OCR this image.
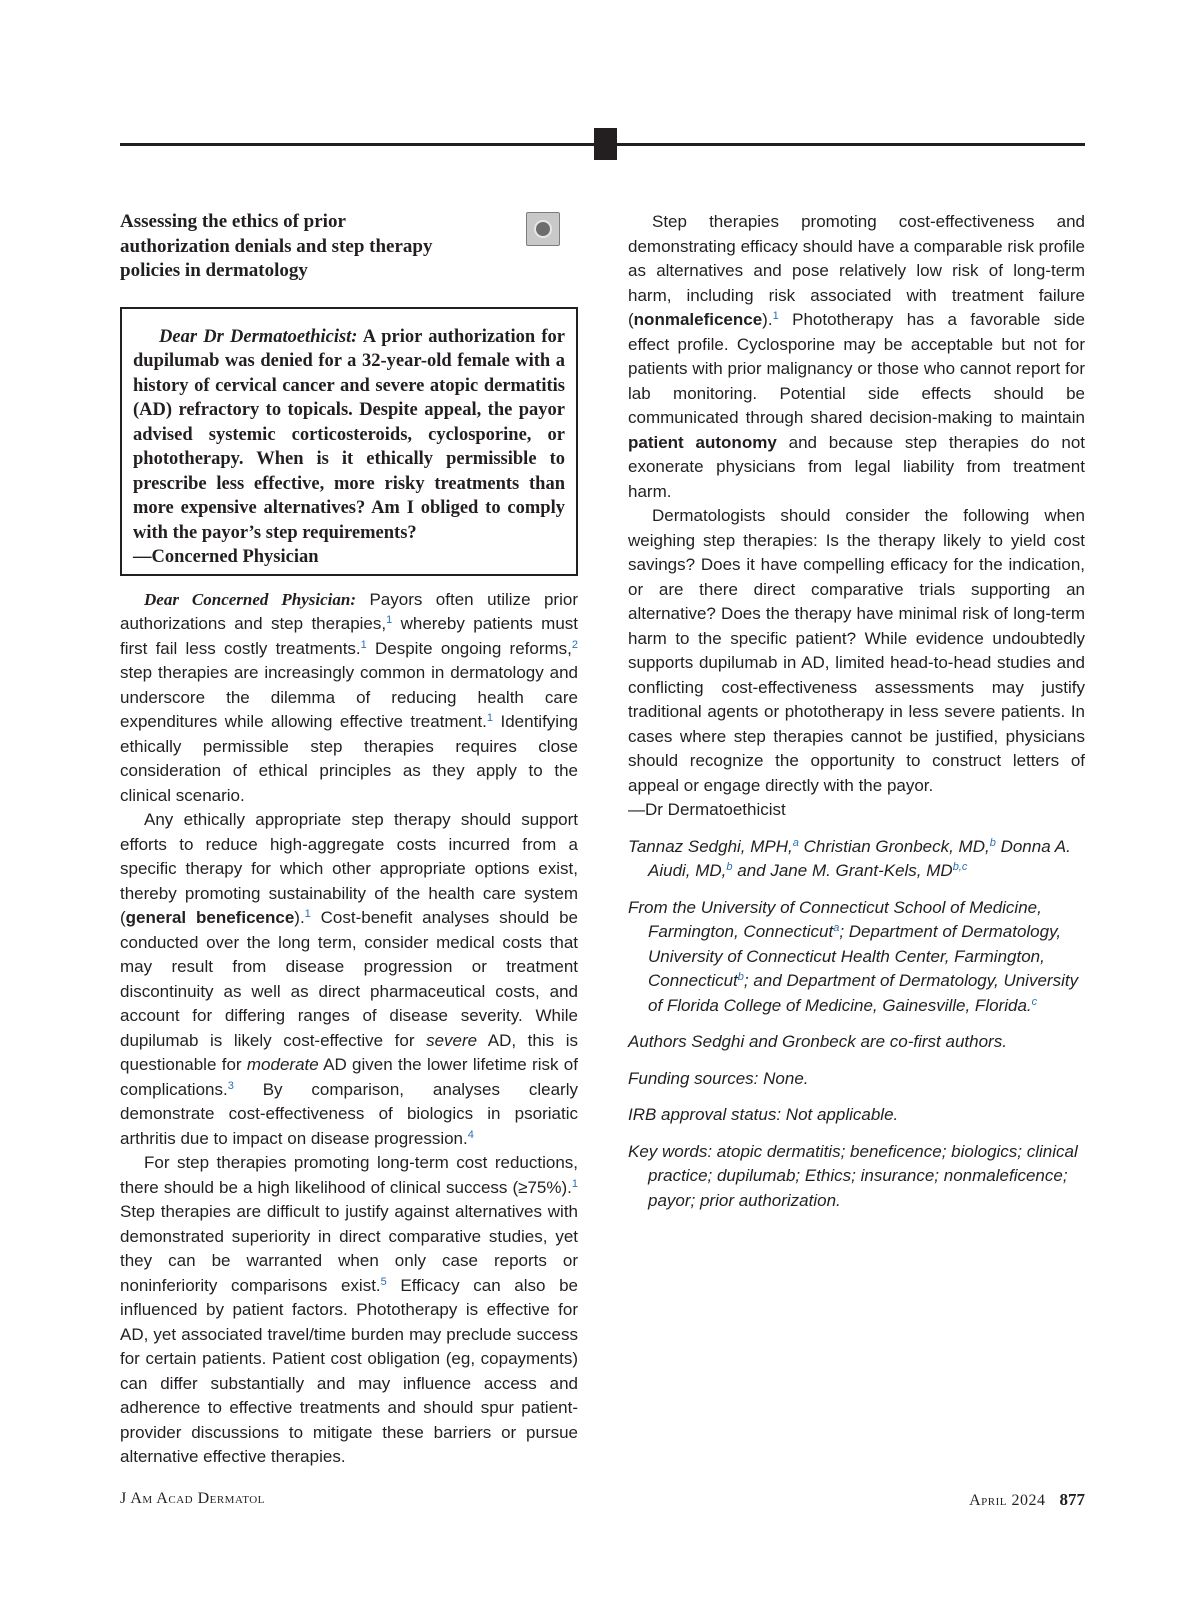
Assessing the ethics of prior authorization denials and step therapy policies in dermatology

Dear Dr Dermatoethicist: A prior authorization for dupilumab was denied for a 32-year-old female with a history of cervical cancer and severe atopic dermatitis (AD) refractory to topicals. Despite appeal, the payor advised systemic corticosteroids, cyclosporine, or phototherapy. When is it ethically permissible to prescribe less effective, more risky treatments than more expensive alternatives? Am I obliged to comply with the payor’s step requirements?

—Concerned Physician

Dear Concerned Physician: Payors often utilize prior authorizations and step therapies,$^1$ whereby patients must first fail less costly treatments.$^1$ Despite ongoing reforms,$^2$ step therapies are increasingly common in dermatology and underscore the dilemma of reducing health care expenditures while allowing effective treatment.$^1$ Identifying ethically permissible step therapies requires close consideration of ethical principles as they apply to the clinical scenario.

Any ethically appropriate step therapy should support efforts to reduce high-aggregate costs incurred from a specific therapy for which other appropriate options exist, thereby promoting sustainability of the health care system (general beneficence).$^1$ Cost-benefit analyses should be conducted over the long term, consider medical costs that may result from disease progression or treatment discontinuity as well as direct pharmaceutical costs, and account for differing ranges of disease severity. While dupilumab is likely cost-effective for severe AD, this is questionable for moderate AD given the lower lifetime risk of complications.$^3$ By comparison, analyses clearly demonstrate cost-effectiveness of biologics in psoriatic arthritis due to impact on disease progression.$^4$

For step therapies promoting long-term cost reductions, there should be a high likelihood of clinical success (≥75%).$^1$ Step therapies are difficult to justify against alternatives with demonstrated superiority in direct comparative studies, yet they can be warranted when only case reports or noninferiority comparisons exist.$^5$ Efficacy can also be influenced by patient factors. Phototherapy is effective for AD, yet associated travel/time burden may preclude success for certain patients. Patient cost obligation (eg, copayments) can differ substantially and may influence access and adherence to effective treatments and should spur patient-provider discussions to mitigate these barriers or pursue alternative effective therapies.

Step therapies promoting cost-effectiveness and demonstrating efficacy should have a comparable risk profile as alternatives and pose relatively low risk of long-term harm, including risk associated with treatment failure (nonmaleficence).$^1$ Phototherapy has a favorable side effect profile. Cyclosporine may be acceptable but not for patients with prior malignancy or those who cannot report for lab monitoring. Potential side effects should be communicated through shared decision-making to maintain patient autonomy and because step therapies do not exonerate physicians from legal liability from treatment harm.

Dermatologists should consider the following when weighing step therapies: Is the therapy likely to yield cost savings? Does it have compelling efficacy for the indication, or are there direct comparative trials supporting an alternative? Does the therapy have minimal risk of long-term harm to the specific patient? While evidence undoubtedly supports dupilumab in AD, limited head-to-head studies and conflicting cost-effectiveness assessments may justify traditional agents or phototherapy in less severe patients. In cases where step therapies cannot be justified, physicians should recognize the opportunity to construct letters of appeal or engage directly with the payor.

—Dr Dermatoethicist
Tannaz Sedghi, MPH,$^a$ Christian Gronbeck, MD,$^b$ Donna A. Aiudi, MD,$^b$ and Jane M. Grant-Kels, MD$^{b,c}$
From the University of Connecticut School of Medicine, Farmington, Connecticut$^a$; Department of Dermatology, University of Connecticut Health Center, Farmington, Connecticut$^b$; and Department of Dermatology, University of Florida College of Medicine, Gainesville, Florida.$^c$
Authors Sedghi and Gronbeck are co-first authors.
Funding sources: None.
IRB approval status: Not applicable.
Key words: atopic dermatitis; beneficence; biologics; clinical practice; dupilumab; Ethics; insurance; nonmaleficence; payor; prior authorization.
J Am Acad Dermatol	April 2024 877
